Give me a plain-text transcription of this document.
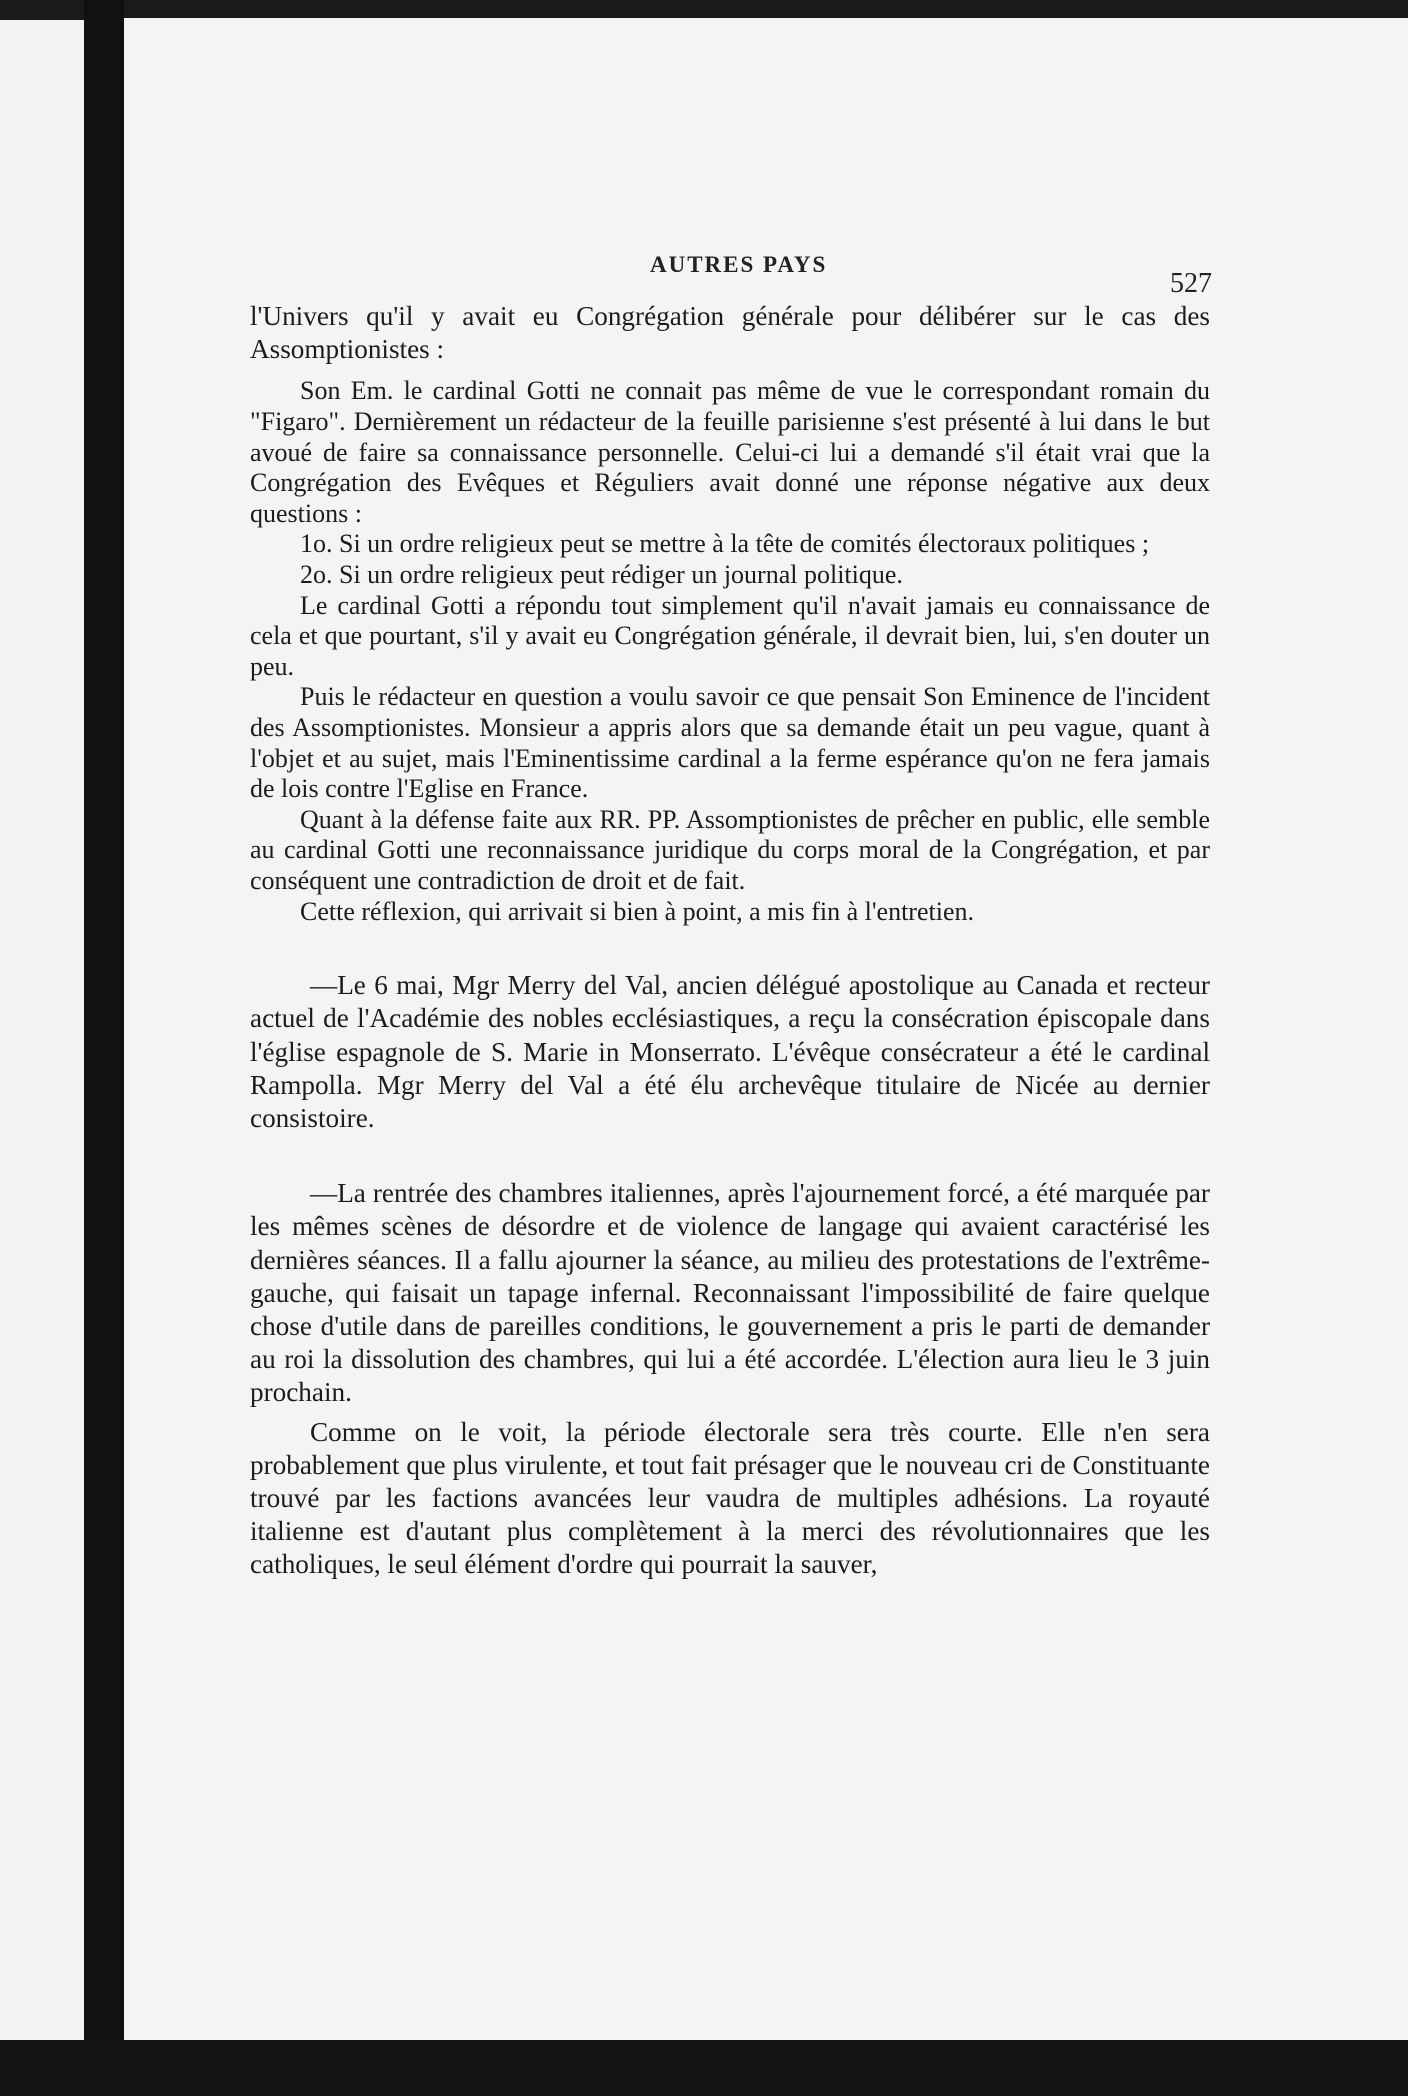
AUTRES PAYS
527

l'Univers qu'il y avait eu Congrégation générale pour délibérer sur le cas des Assomptionistes :

Son Em. le cardinal Gotti ne connait pas même de vue le correspondant romain du "Figaro". Dernièrement un rédacteur de la feuille parisienne s'est présenté à lui dans le but avoué de faire sa connaissance personnelle. Celui-ci lui a demandé s'il était vrai que la Congrégation des Evêques et Réguliers avait donné une réponse négative aux deux questions :

1o. Si un ordre religieux peut se mettre à la tête de comités électoraux politiques ;

2o. Si un ordre religieux peut rédiger un journal politique.

Le cardinal Gotti a répondu tout simplement qu'il n'avait jamais eu connaissance de cela et que pourtant, s'il y avait eu Congrégation générale, il devrait bien, lui, s'en douter un peu.

Puis le rédacteur en question a voulu savoir ce que pensait Son Eminence de l'incident des Assomptionistes. Monsieur a appris alors que sa demande était un peu vague, quant à l'objet et au sujet, mais l'Eminentissime cardinal a la ferme espérance qu'on ne fera jamais de lois contre l'Eglise en France.

Quant à la défense faite aux RR. PP. Assomptionistes de prêcher en public, elle semble au cardinal Gotti une reconnaissance juridique du corps moral de la Congrégation, et par conséquent une contradiction de droit et de fait.

Cette réflexion, qui arrivait si bien à point, a mis fin à l'entretien.

—Le 6 mai, Mgr Merry del Val, ancien délégué apostolique au Canada et recteur actuel de l'Académie des nobles ecclésiastiques, a reçu la consécration épiscopale dans l'église espagnole de S. Marie in Monserrato. L'évêque consécrateur a été le cardinal Rampolla. Mgr Merry del Val a été élu archevêque titulaire de Nicée au dernier consistoire.

—La rentrée des chambres italiennes, après l'ajournement forcé, a été marquée par les mêmes scènes de désordre et de violence de langage qui avaient caractérisé les dernières séances. Il a fallu ajourner la séance, au milieu des protestations de l'extrême-gauche, qui faisait un tapage infernal. Reconnaissant l'impossibilité de faire quelque chose d'utile dans de pareilles conditions, le gouvernement a pris le parti de demander au roi la dissolution des chambres, qui lui a été accordée. L'élection aura lieu le 3 juin prochain.

Comme on le voit, la période électorale sera très courte. Elle n'en sera probablement que plus virulente, et tout fait présager que le nouveau cri de Constituante trouvé par les factions avancées leur vaudra de multiples adhésions. La royauté italienne est d'autant plus complètement à la merci des révolutionnaires que les catholiques, le seul élément d'ordre qui pourrait la sauver,
